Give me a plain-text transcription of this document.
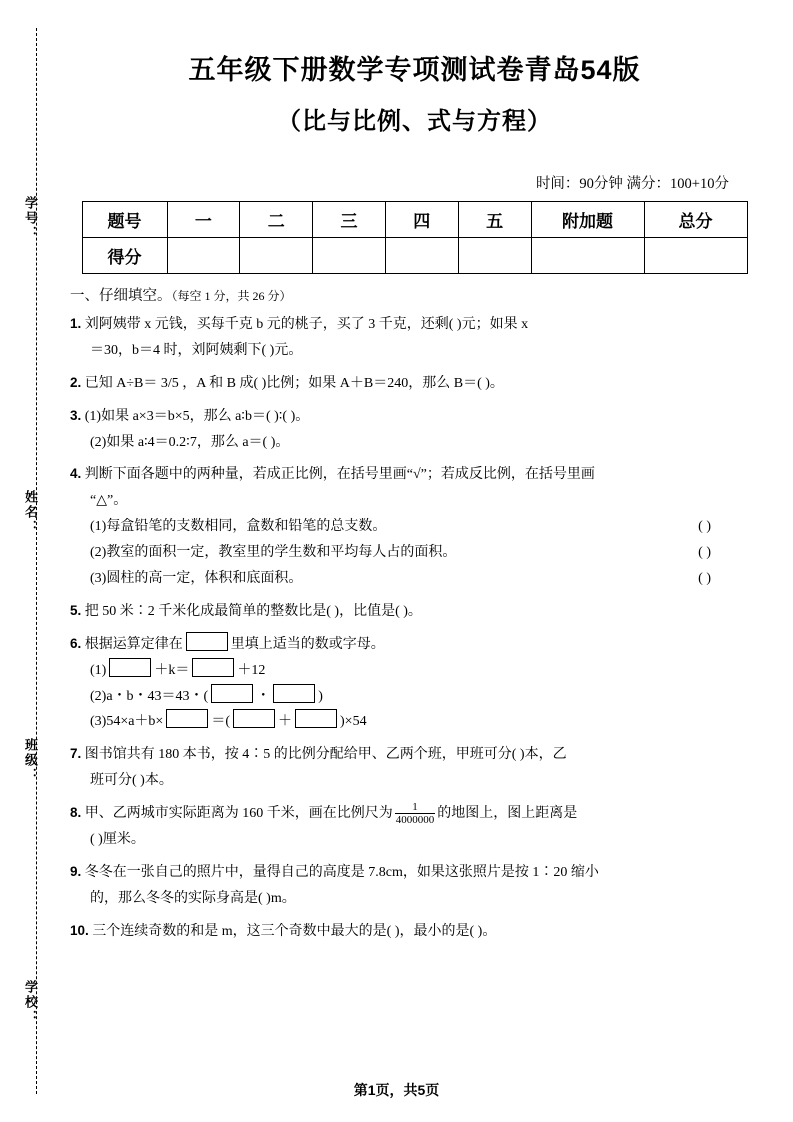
学号：
姓名：
班级：
学校：
五年级下册数学专项测试卷青岛54版
（比与比例、式与方程）
时间：90分钟 满分：100+10分
题号	一	二	三	四	五	附加题	总分
得分							
一、仔细填空。（每空 1 分，共 26 分）
1. 刘阿姨带 x 元钱，买每千克 b 元的桃子，买了 3 千克，还剩( )元；如果 x
＝30，b＝4 时，刘阿姨剩下( )元。
2. 已知 A÷B＝ 3/5 ，A 和 B 成( )比例；如果 A＋B＝240，那么 B＝( )。
3. (1)如果 a×3＝b×5，那么 a∶b＝( )∶( )。
(2)如果 a∶4＝0.2∶7，那么 a＝( )。
4. 判断下面各题中的两种量，若成正比例，在括号里画“√”；若成反比例，在括号里画
“△”。
(1)每盒铅笔的支数相同，盒数和铅笔的总支数。	( )
(2)教室的面积一定，教室里的学生数和平均每人占的面积。	( )
(3)圆柱的高一定，体积和底面积。	( )
5. 把 50 米∶2 千米化成最简单的整数比是( )，比值是( )。
6. 根据运算定律在	里填上适当的数或字母。
(1)	＋k＝	＋12
(2)a・b・43＝43・(	・	)
(3)54×a＋b×	＝(	＋	)×54
7. 图书馆共有 180 本书，按 4∶5 的比例分配给甲、乙两个班，甲班可分( )本，乙
班可分( )本。
8. 甲、乙两城市实际距离为 160 千米，画在比例尺为 $\frac{1}{4000000}$ 的地图上，图上距离是
( )厘米。
9. 冬冬在一张自己的照片中，量得自己的高度是 7.8cm，如果这张照片是按 1∶20 缩小
的，那么冬冬的实际身高是( )m。
10. 三个连续奇数的和是 m，这三个奇数中最大的是( )，最小的是( )。
第1页，共5页
